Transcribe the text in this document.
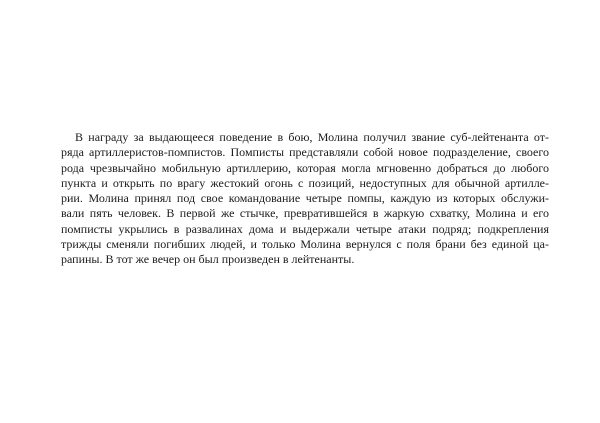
В награду за выдающееся поведение в бою, Молина получил звание суб-лейтенанта от-
ряда артиллеристов-помпистов. Помписты представляли собой новое подразделение, своего
рода чрезвычайно мобильную артиллерию, которая могла мгновенно добраться до любого
пункта и открыть по врагу жестокий огонь с позиций, недоступных для обычной артилле-
рии. Молина принял под свое командование четыре помпы, каждую из которых обслужи-
вали пять человек. В первой же стычке, превратившейся в жаркую схватку, Молина и его
помписты укрылись в развалинах дома и выдержали четыре атаки подряд; подкрепления
трижды сменяли погибших людей, и только Молина вернулся с поля брани без единой ца-
рапины. В тот же вечер он был произведен в лейтенанты.
